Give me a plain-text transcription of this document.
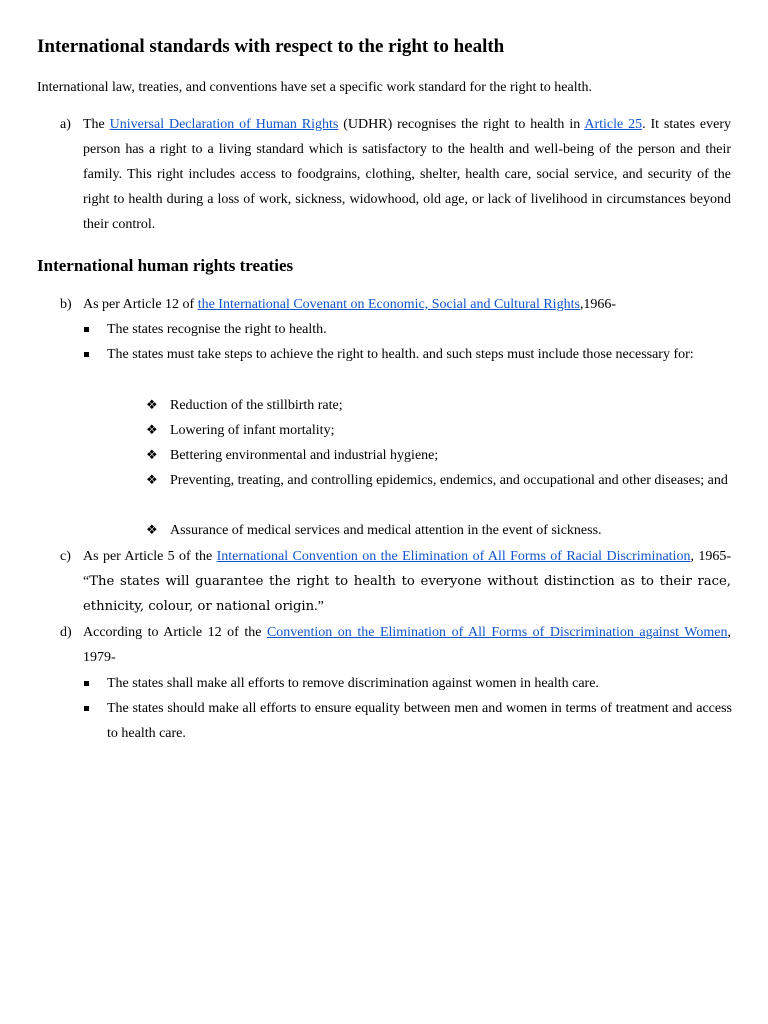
International standards with respect to the right to health

International law, treaties, and conventions have set a specific work standard for the right to health.

a) The Universal Declaration of Human Rights (UDHR) recognises the right to health in Article 25. It states every person has a right to a living standard which is satisfactory to the health and well-being of the person and their family. This right includes access to foodgrains, clothing, shelter, health care, social service, and security of the right to health during a loss of work, sickness, widowhood, old age, or lack of livelihood in circumstances beyond their control.

International human rights treaties
b) As per Article 12 of the International Covenant on Economic, Social and Cultural Rights,1966-

The states recognise the right to health.

The states must take steps to achieve the right to health. and such steps must include those necessary for:

❖ Reduction of the stillbirth rate;

❖ Lowering of infant mortality;

❖ Bettering environmental and industrial hygiene;

❖ Preventing, treating, and controlling epidemics, endemics, and occupational and other diseases; and

❖ Assurance of medical services and medical attention in the event of sickness.

c) As per Article 5 of the International Convention on the Elimination of All Forms of Racial Discrimination, 1965- “The states will guarantee the right to health to everyone without distinction as to their race, ethnicity, colour, or national origin.”

d) According to Article 12 of the Convention on the Elimination of All Forms of Discrimination against Women, 1979-

The states shall make all efforts to remove discrimination against women in health care.

The states should make all efforts to ensure equality between men and women in terms of treatment and access to health care.
